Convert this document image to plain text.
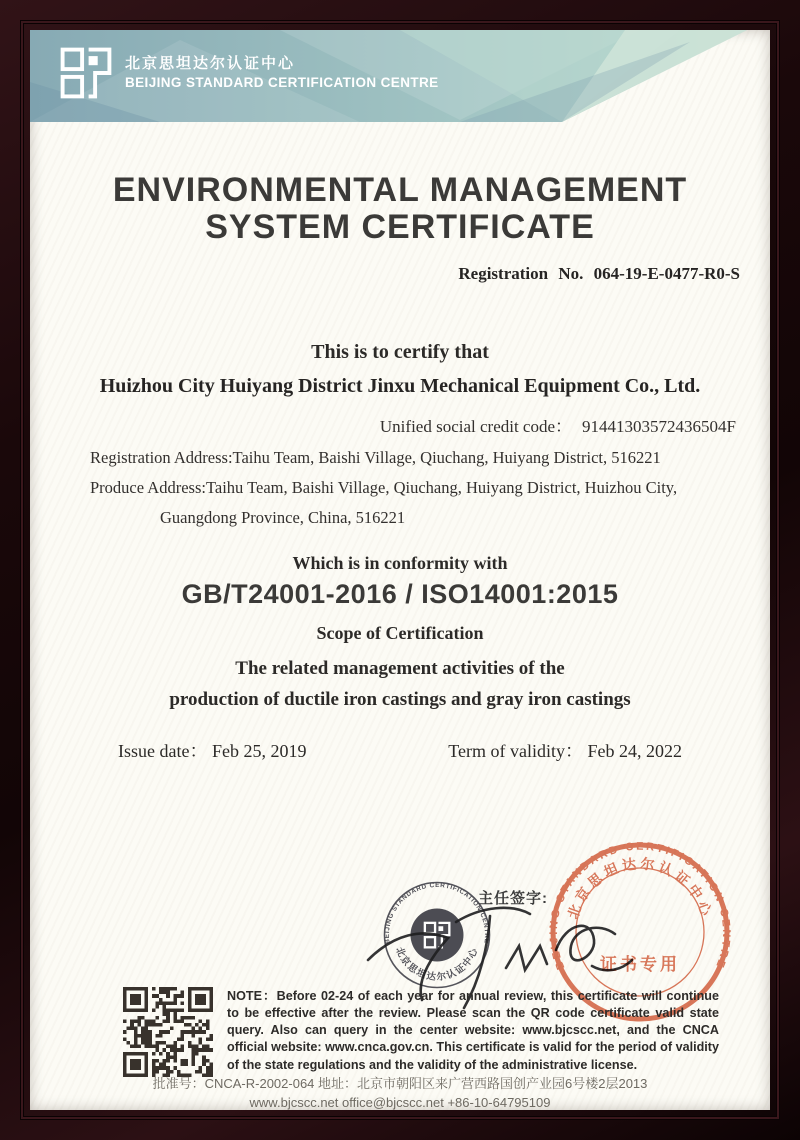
北京思坦达尔认证中心
BEIJING STANDARD CERTIFICATION CENTRE
ENVIRONMENTAL MANAGEMENT
SYSTEM CERTIFICATE
Registration No. 064-19-E-0477-R0-S
This is to certify that
Huizhou City Huiyang District Jinxu Mechanical Equipment Co., Ltd.
Unified social credit code： 91441303572436504F
Registration Address:Taihu Team, Baishi Village, Qiuchang, Huiyang District, 516221
Produce Address:Taihu Team, Baishi Village, Qiuchang, Huiyang District, Huizhou City,
Guangdong Province, China, 516221
Which is in conformity with
GB/T24001-2016 / ISO14001:2015
Scope of Certification
The related management activities of the
production of ductile iron castings and gray iron castings
Issue date： Feb 25, 2019	Term of validity： Feb 24, 2022
BEIJING STANDARD CERTIFICATION CENTRE
北京思坦达尔认证中心
主任签字:
BEIJING STANDARD CERTIFICATION CENTRE
北京思坦达尔认证中心
证书专用
NOTE：Before 02-24 of each year for annual review, this certificate will continue to be effective after the review. Please scan the QR code certificate valid state query. Also can query in the center website: www.bjcscc.net, and the CNCA official website: www.cnca.gov.cn. This certificate is valid for the period of validity of the state regulations and the validity of the administrative license.
批准号：CNCA-R-2002-064 地址：北京市朝阳区来广营西路国创产业园6号楼2层2013
www.bjcscc.net office@bjcscc.net +86-10-64795109
